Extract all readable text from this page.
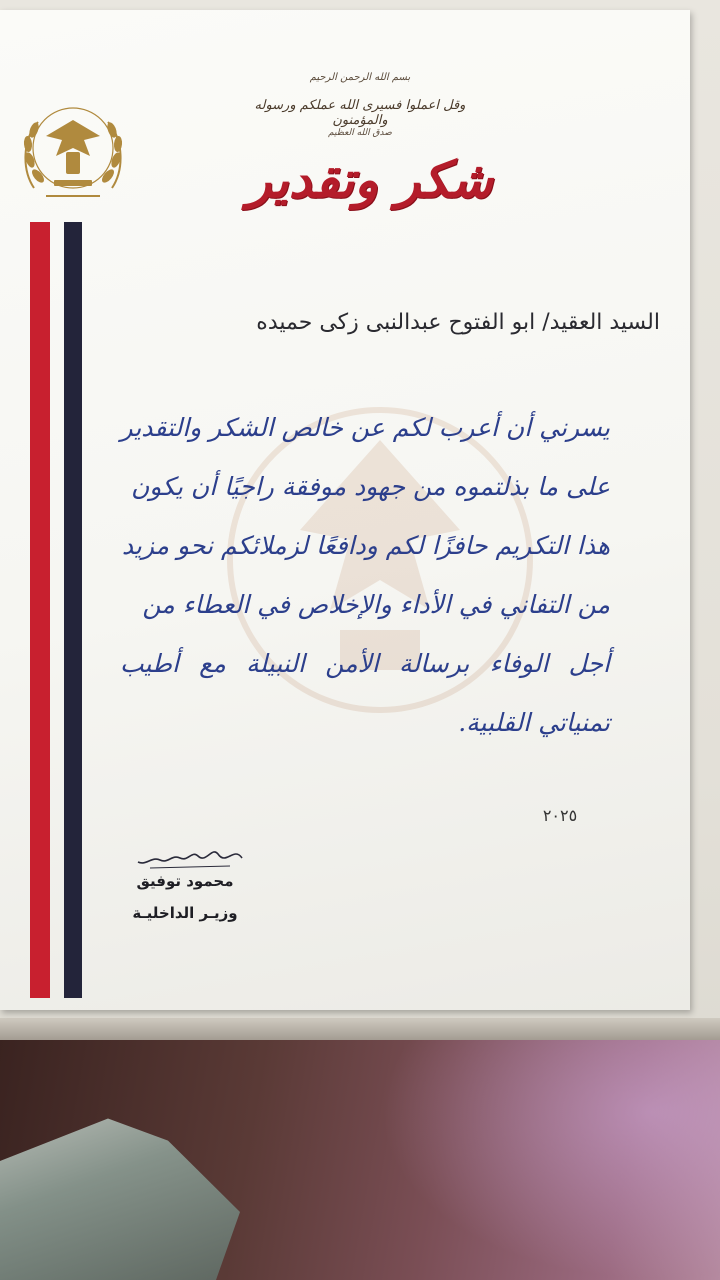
بسم الله الرحمن الرحيم
وقل اعملوا فسيرى الله عملكم ورسوله والمؤمنون
صدق الله العظيم
شكر وتقدير
السيد العقيد/ ابو الفتوح عبدالنبى زكى حميده
يسرني أن أعرب لكم عن خالص الشكر والتقدير
على ما بذلتموه من جهود موفقة راجيًا أن يكون
هذا التكريم حافزًا لكم ودافعًا لزملائكم نحو مزيد
من التفاني في الأداء والإخلاص في العطاء من
أجل الوفاء برسالة الأمن النبيلة مع أطيب تمنياتي القلبية.
٢٠٢٥
محمود توفيق
وزيـر الداخليـة
